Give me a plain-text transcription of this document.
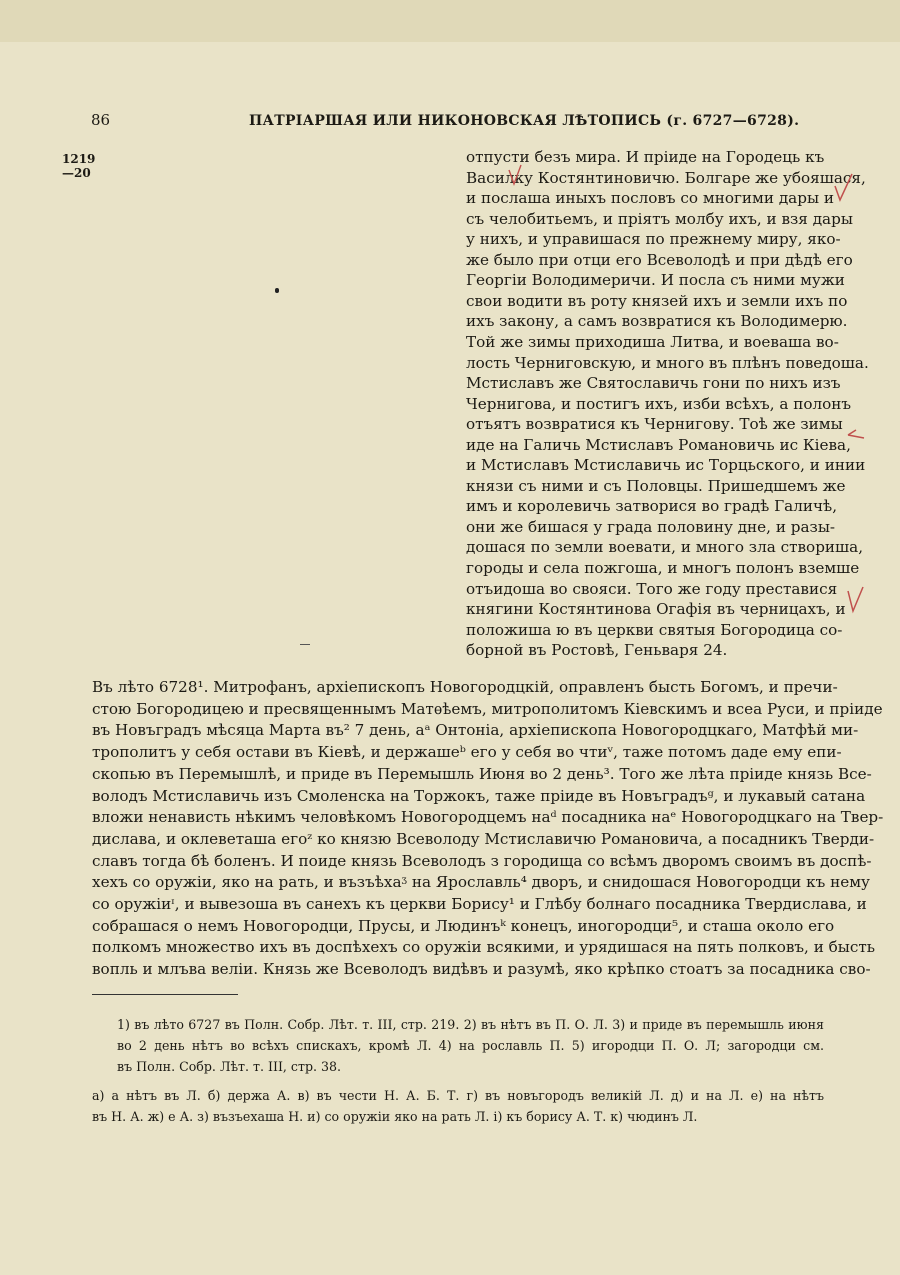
86	ПАТРІАРШАЯ ИЛИ НИКОНОВСКАЯ ЛѢТОПИСЬ (г. 6727—6728).
1219
—20
отпусти безъ мира. И пріиде на Городець къ
Василку Костянтиновичю. Болгаре же убояшася,
и послаша иныхъ пословъ со многими дары и
съ челобитьемъ, и пріятъ молбу ихъ, и взя дары
у нихъ, и управишася по прежнему миру, яко-
же было при отци его Всеволодѣ и при дѣдѣ его
Георгіи Володимеричи. И посла съ ними мужи
свои водити въ роту князей ихъ и земли ихъ по
ихъ закону, а самъ возвратися къ Володимерю.
Той же зимы приходиша Литва, и воеваша во-
лость Черниговскую, и много въ плѣнъ поведоша.
Мстиславъ же Святославичь гони по нихъ изъ
Чернигова, и постигъ ихъ, изби всѣхъ, а полонъ
отъятъ возвратися къ Чернигову. Тоѣ же зимы
иде на Галичь Мстиславъ Романовичь ис Кіева,
и Мстиславъ Мстиславичь ис Торцьского, и инии
князи съ ними и съ Половцы. Пришедшемъ же
имъ и королевичь затворися во градѣ Галичѣ,
они же бишася у града половину дне, и разы-
дошася по земли воевати, и много зла створиша,
городы и села пожгоша, и многъ полонъ вземше
отъидоша во свояси. Того же году преставися
княгини Костянтинова Огафія въ черницахъ, и
положиша ю въ церкви святыя Богородица со-
борной въ Ростовѣ, Геньваря 24.
Въ лѣто 6728¹. Митрофанъ, архіепископъ Новогородцкій, оправленъ бысть Богомъ, и пречи-
стою Богородицею и пресвященнымъ Матѳѣемъ, митрополитомъ Кіевскимъ и всеа Руси, и пріиде
въ Новъградъ мѣсяца Марта въ² 7 день, аᵃ Онтоніа, архіепископа Новогородцкаго, Матфѣй ми-
трополитъ у себя остави въ Кіевѣ, и держашеᵇ его у себя во чтиᵛ, таже потомъ даде ему епи-
скопью въ Перемышлѣ, и приде въ Перемышль Июня во 2 день³. Того же лѣта пріиде князь Все-
володъ Мстиславичь изъ Смоленска на Торжокъ, таже пріиде въ Новъградъᵍ, и лукавый сатана
вложи ненависть нѣкимъ человѣкомъ Новогородцемъ наᵈ посадника наᵉ Новогородцкаго на Твер-
дислава, и оклеветаша егоᶻ ко князю Всеволоду Мстиславичю Романовича, а посадникъ Тверди-
славъ тогда бѣ боленъ. И поиде князь Всеволодъ з городища со всѣмъ дворомъ своимъ въ доспѣ-
хехъ со оружіи, яко на рать, и възъѣхаᶾ на Ярославль⁴ дворъ, и снидошася Новогородци къ нему
со оружіиᶦ, и вывезоша въ санехъ къ церкви Борису¹ и Глѣбу болнаго посадника Твердислава, и
собрашася о немъ Новогородци, Прусы, и Людинъᵏ конецъ, иногородци⁵, и сташа около его
полкомъ множество ихъ въ доспѣхехъ со оружіи всякими, и урядишася на пять полковъ, и бысть
вопль и млъва веліи. Князь же Всеволодъ видѣвъ и разумѣ, яко крѣпко стоатъ за посадника сво-
1) въ лѣто 6727 въ Полн. Собр. Лѣт. т. III, стр. 219. 2) въ нѣтъ въ П. О. Л. 3) и приде въ перемышль июня
во 2 день нѣтъ во всѣхъ спискахъ, кромѣ Л. 4) на рославль П. 5) игородци П. О. Л; загородци см.
въ Полн. Собр. Лѣт. т. III, стр. 38.
а) а нѣтъ въ Л. б) держа А. в) въ чести Н. А. Б. Т. г) въ новъгородъ великій Л. д) и на Л. е) на нѣтъ
въ Н. А. ж) е А. з) възъехаша Н. и) со оружіи яко на рать Л. і) къ борису А. Т. к) чюдинъ Л.
